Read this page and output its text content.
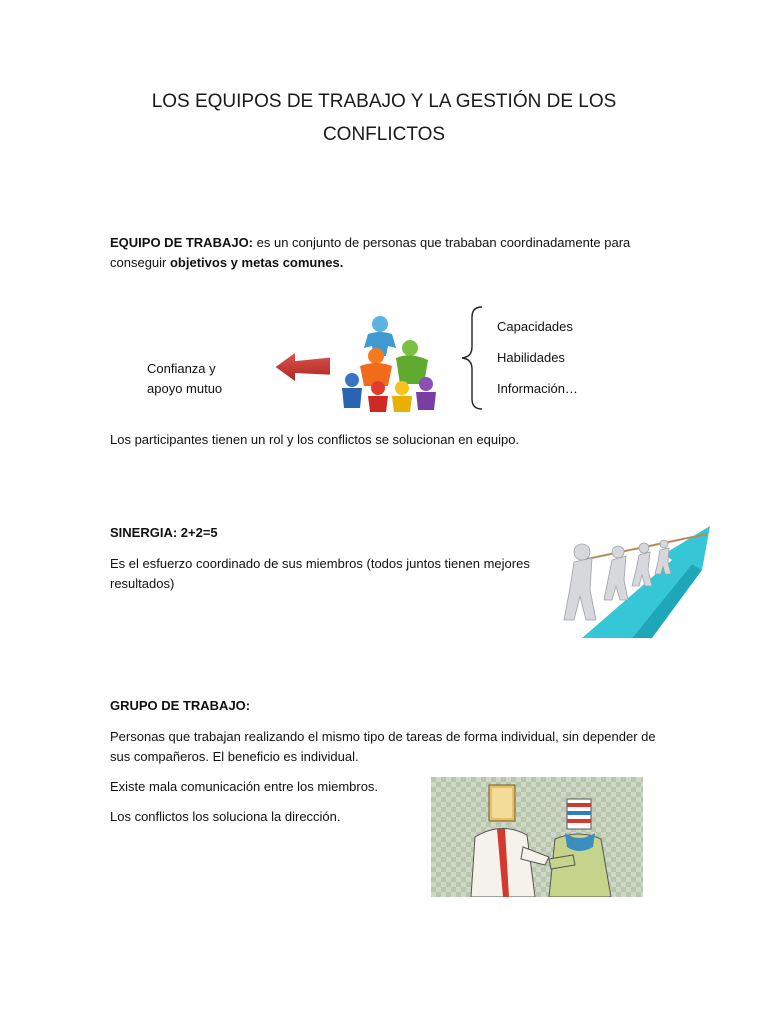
LOS EQUIPOS DE TRABAJO Y LA GESTIÓN DE LOS
CONFLICTOS
EQUIPO DE TRABAJO: es un conjunto de personas que trababan coordinadamente para
conseguir objetivos y metas comunes.
Confianza y
apoyo mutuo
Capacidades
Habilidades
Información…
Los participantes tienen un rol y los conflictos se solucionan en equipo.
SINERGIA: 2+2=5
Es el esfuerzo coordinado de sus miembros (todos juntos tienen mejores
resultados)
GRUPO DE TRABAJO:
Personas que trabajan realizando el mismo tipo de tareas de forma individual, sin depender de
sus compañeros. El beneficio es individual.
Existe mala comunicación entre los miembros.
Los conflictos los soluciona la dirección.
